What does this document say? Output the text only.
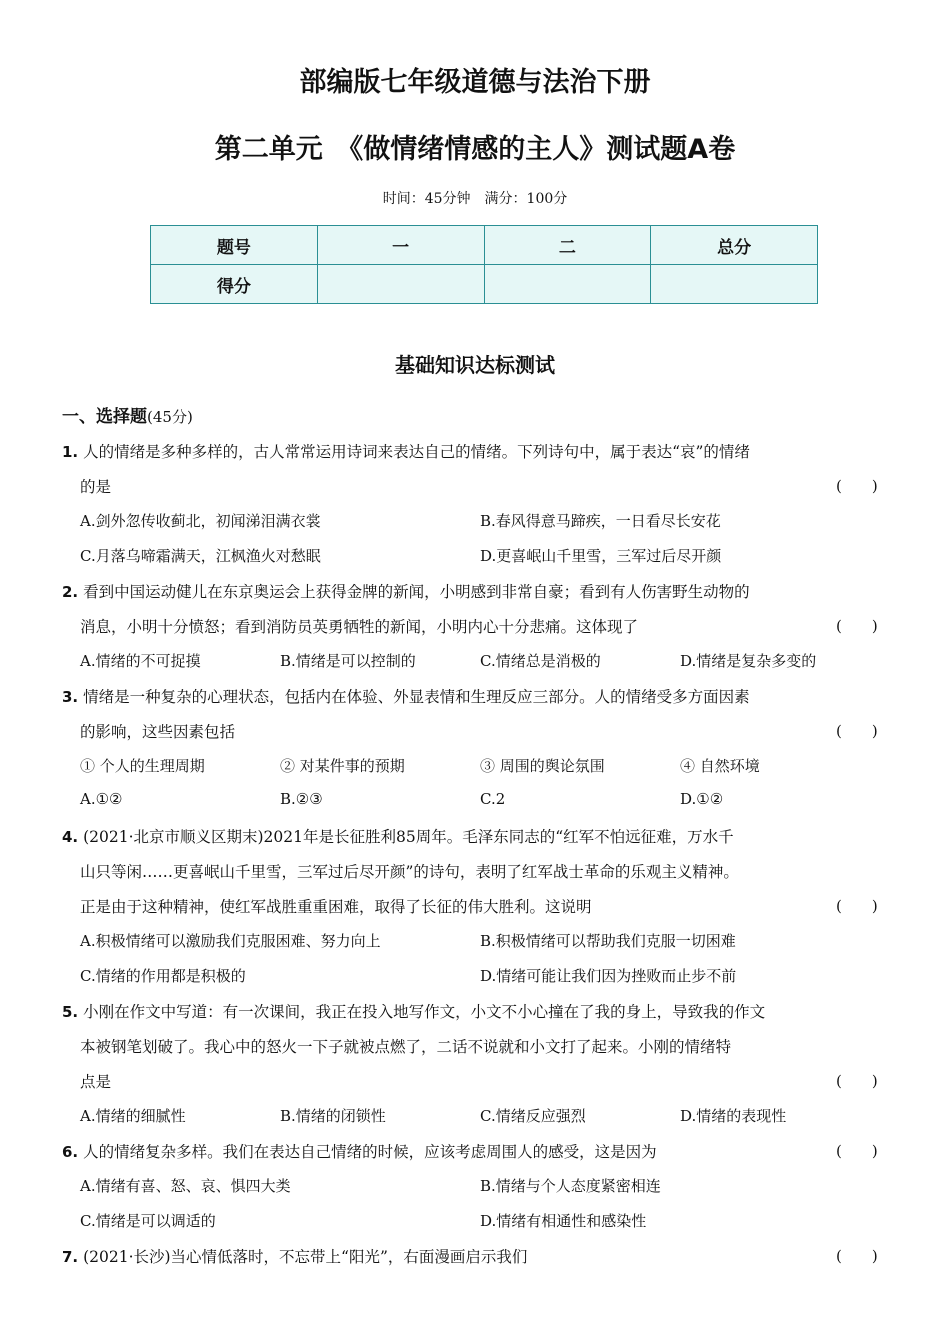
部编版七年级道德与法治下册
第二单元　《做情绪情感的主人》测试题A卷
时间：45分钟　满分：100分
题号	一	二	总分
得分			
基础知识达标测试
一、选择题(45分)
1. 人的情绪是多种多样的，古人常常运用诗词来表达自己的情绪。下列诗句中，属于表达“哀”的情绪
的是	(　　)
A.剑外忽传收蓟北，初闻涕泪满衣裳	B.春风得意马蹄疾，一日看尽长安花
C.月落乌啼霜满天，江枫渔火对愁眠	D.更喜岷山千里雪，三军过后尽开颜
2. 看到中国运动健儿在东京奥运会上获得金牌的新闻，小明感到非常自豪；看到有人伤害野生动物的
消息，小明十分愤怒；看到消防员英勇牺牲的新闻，小明内心十分悲痛。这体现了	(　　)
A.情绪的不可捉摸	B.情绪是可以控制的	C.情绪总是消极的	D.情绪是复杂多变的
3. 情绪是一种复杂的心理状态，包括内在体验、外显表情和生理反应三部分。人的情绪受多方面因素
的影响，这些因素包括	(　　)
① 个人的生理周期	② 对某件事的预期	③ 周围的舆论氛围	④ 自然环境
A.①②	B.②③	C.2	D.①②
4. (2021·北京市顺义区期末)2021年是长征胜利85周年。毛泽东同志的“红军不怕远征难，万水千
山只等闲……更喜岷山千里雪，三军过后尽开颜”的诗句，表明了红军战士革命的乐观主义精神。
正是由于这种精神，使红军战胜重重困难，取得了长征的伟大胜利。这说明	(　　)
A.积极情绪可以激励我们克服困难、努力向上	B.积极情绪可以帮助我们克服一切困难
C.情绪的作用都是积极的	D.情绪可能让我们因为挫败而止步不前
5. 小刚在作文中写道：有一次课间，我正在投入地写作文，小文不小心撞在了我的身上，导致我的作文
本被钢笔划破了。我心中的怒火一下子就被点燃了，二话不说就和小文打了起来。小刚的情绪特
点是	(　　)
A.情绪的细腻性	B.情绪的闭锁性	C.情绪反应强烈	D.情绪的表现性
6. 人的情绪复杂多样。我们在表达自己情绪的时候，应该考虑周围人的感受，这是因为	(　　)
A.情绪有喜、怒、哀、惧四大类	B.情绪与个人态度紧密相连
C.情绪是可以调适的	D.情绪有相通性和感染性
7. (2021·长沙)当心情低落时，不忘带上“阳光”，右面漫画启示我们	(　　)
